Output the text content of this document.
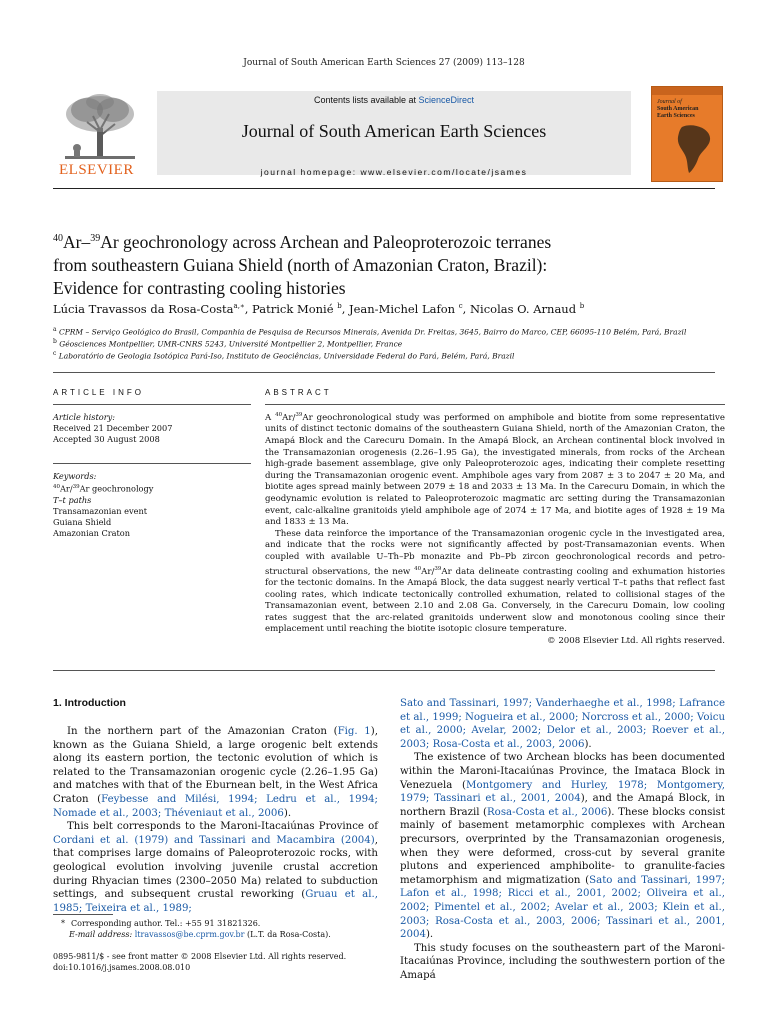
Journal of South American Earth Sciences 27 (2009) 113–128
ELSEVIER
Contents lists available at ScienceDirect
Journal of South American Earth Sciences
journal homepage: www.elsevier.com/locate/jsames
Journal of
South American
Earth Sciences
$^{40}$Ar–$^{39}$Ar geochronology across Archean and Paleoproterozoic terranes
from southeastern Guiana Shield (north of Amazonian Craton, Brazil):
Evidence for contrasting cooling histories
Lúcia Travassos da Rosa-Costa$^{a,∗}$, Patrick Monié $^b$, Jean-Michel Lafon $^c$, Nicolas O. Arnaud $^b$
$^a$ CPRM – Serviço Geológico do Brasil, Companhia de Pesquisa de Recursos Minerais, Avenida Dr. Freitas, 3645, Bairro do Marco, CEP, 66095-110 Belém, Pará, Brazil
$^b$ Géosciences Montpellier, UMR-CNRS 5243, Université Montpellier 2, Montpellier, France
$^c$ Laboratório de Geologia Isotópica Pará-Iso, Instituto de Geociências, Universidade Federal do Pará, Belém, Pará, Brazil
ARTICLE INFO
Article history:
Received 21 December 2007
Accepted 30 August 2008
Keywords:
$^{40}$Ar/$^{39}$Ar geochronology
T–t paths
Transamazonian event
Guiana Shield
Amazonian Craton
ABSTRACT

A $^{40}$Ar/$^{39}$Ar geochronological study was performed on amphibole and biotite from some representative units of distinct tectonic domains of the southeastern Guiana Shield, north of the Amazonian Craton, the Amapá Block and the Carecuru Domain. In the Amapá Block, an Archean continental block involved in the Transamazonian orogenesis (2.26–1.95 Ga), the investigated minerals, from rocks of the Archean high-grade basement assemblage, give only Paleoproterozoic ages, indicating their complete resetting during the Transamazonian orogenic event. Amphibole ages vary from 2087 ± 3 to 2047 ± 20 Ma, and biotite ages spread mainly between 2079 ± 18 and 2033 ± 13 Ma. In the Carecuru Domain, in which the geodynamic evolution is related to Paleoproterozoic magmatic arc setting during the Transamazonian event, calc-alkaline granitoids yield amphibole age of 2074 ± 17 Ma, and biotite ages of 1928 ± 19 Ma and 1833 ± 13 Ma.

These data reinforce the importance of the Transamazonian orogenic cycle in the investigated area, and indicate that the rocks were not significantly affected by post-Transamazonian events. When coupled with available U–Th–Pb monazite and Pb–Pb zircon geochronological records and petro-structural observations, the new $^{40}$Ar/$^{39}$Ar data delineate contrasting cooling and exhumation histories for the tectonic domains. In the Amapá Block, the data suggest nearly vertical T–t paths that reflect fast cooling rates, which indicate tectonically controlled exhumation, related to collisional stages of the Transamazonian event, between 2.10 and 2.08 Ga. Conversely, in the Carecuru Domain, low cooling rates suggest that the arc-related granitoids underwent slow and monotonous cooling since their emplacement until reaching the biotite isotopic closure temperature.

© 2008 Elsevier Ltd. All rights reserved.

1. Introduction

In the northern part of the Amazonian Craton (Fig. 1), known as the Guiana Shield, a large orogenic belt extends along its eastern portion, the tectonic evolution of which is related to the Transamazonian orogenic cycle (2.26–1.95 Ga) and matches with that of the Eburnean belt, in the West Africa Craton (Feybesse and Milési, 1994; Ledru et al., 1994; Nomade et al., 2003; Théveniaut et al., 2006).

This belt corresponds to the Maroni-Itacaiúnas Province of Cordani et al. (1979) and Tassinari and Macambira (2004), that comprises large domains of Paleoproterozoic rocks, with geological evolution involving juvenile crustal accretion during Rhyacian times (2300–2050 Ma) related to subduction settings, and subsequent crustal reworking (Gruau et al., 1985; Teixeira et al., 1989;

* Corresponding author. Tel.: +55 91 31821326.
E-mail address: ltravassos@be.cprm.gov.br (L.T. da Rosa-Costa).
0895-9811/$ - see front matter © 2008 Elsevier Ltd. All rights reserved.
doi:10.1016/j.jsames.2008.08.010

Sato and Tassinari, 1997; Vanderhaeghe et al., 1998; Lafrance et al., 1999; Nogueira et al., 2000; Norcross et al., 2000; Voicu et al., 2000; Avelar, 2002; Delor et al., 2003; Roever et al., 2003; Rosa-Costa et al., 2003, 2006).

The existence of two Archean blocks has been documented within the Maroni-Itacaiúnas Province, the Imataca Block in Venezuela (Montgomery and Hurley, 1978; Montgomery, 1979; Tassinari et al., 2001, 2004), and the Amapá Block, in northern Brazil (Rosa-Costa et al., 2006). These blocks consist mainly of basement metamorphic complexes with Archean precursors, overprinted by the Transamazonian orogenesis, when they were deformed, cross-cut by several granite plutons and experienced amphibolite- to granulite-facies metamorphism and migmatization (Sato and Tassinari, 1997; Lafon et al., 1998; Ricci et al., 2001, 2002; Oliveira et al., 2002; Pimentel et al., 2002; Avelar et al., 2003; Klein et al., 2003; Rosa-Costa et al., 2003, 2006; Tassinari et al., 2001, 2004).

This study focuses on the southeastern part of the Maroni-Itacaiúnas Province, including the southwestern portion of the Amapá
